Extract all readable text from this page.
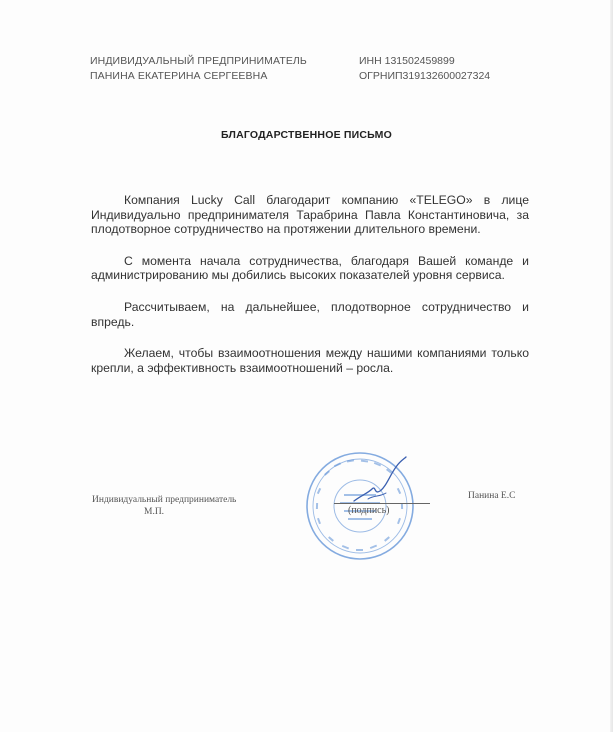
ИНДИВИДУАЛЬНЫЙ ПРЕДПРИНИМАТЕЛЬ
ПАНИНА ЕКАТЕРИНА СЕРГЕЕВНА
ИНН 131502459899
ОГРНИП319132600027324
БЛАГОДАРСТВЕННОЕ ПИСЬМО

Компания Lucky Call благодарит компанию «TELEGO» в лице Индивидуально предпринимателя Тарабрина Павла Константиновича, за плодотворное сотрудничество на протяжении длительного времени.

С момента начала сотрудничества, благодаря Вашей команде и администрированию мы добились высоких показателей уровня сервиса.

Рассчитываем, на дальнейшее, плодотворное сотрудничество и впредь.

Желаем, чтобы взаимоотношения между нашими компаниями только крепли, а эффективность взаимоотношений – росла.

Индивидуальный предприниматель
М.П.	(подпись)
Панина Е.С
